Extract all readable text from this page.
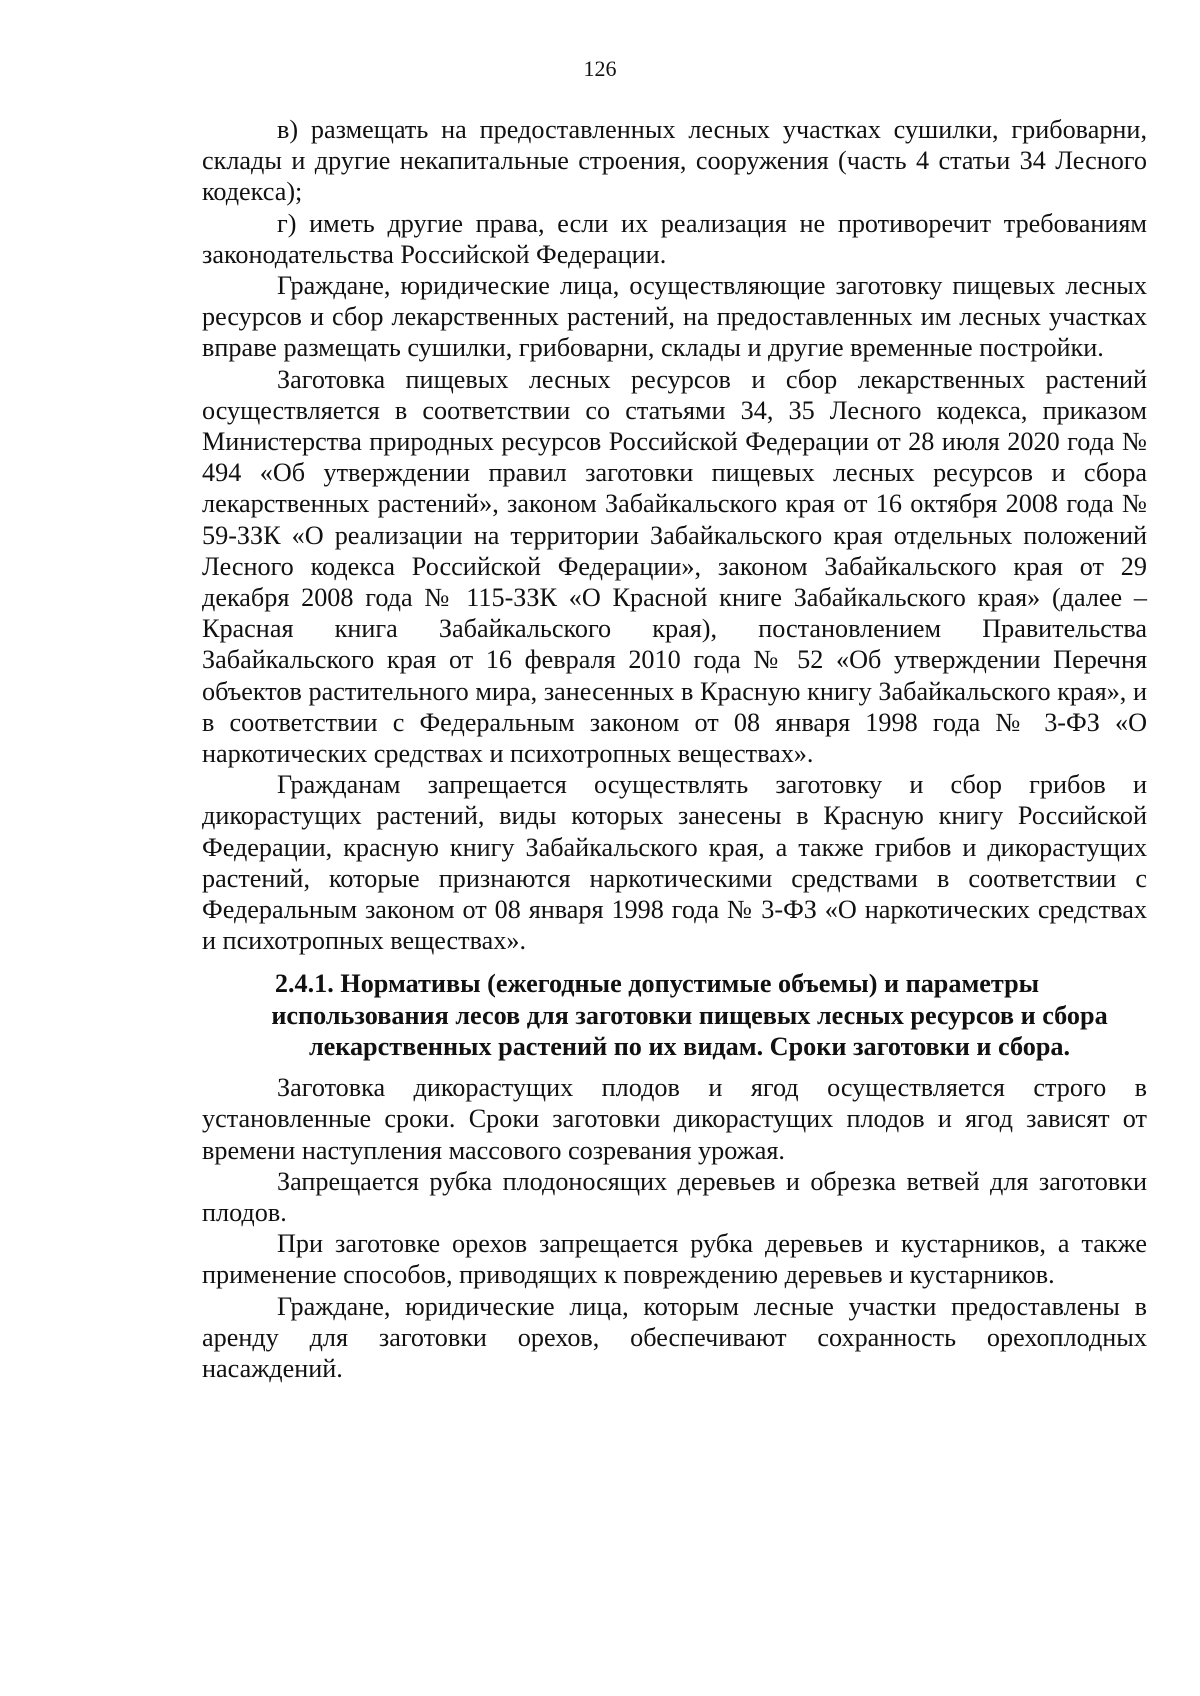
126

в) размещать на предоставленных лесных участках сушилки, грибоварни, склады и другие некапитальные строения, сооружения (часть 4 статьи 34 Лесного кодекса);

г) иметь другие права, если их реализация не противоречит требованиям законодательства Российской Федерации.

Граждане, юридические лица, осуществляющие заготовку пищевых лесных ресурсов и сбор лекарственных растений, на предоставленных им лесных участках вправе размещать сушилки, грибоварни, склады и другие временные постройки.

Заготовка пищевых лесных ресурсов и сбор лекарственных растений осуществляется в соответствии со статьями 34, 35 Лесного кодекса, приказом Министерства природных ресурсов Российской Федерации от 28 июля 2020 года № 494 «Об утверждении правил заготовки пищевых лесных ресурсов и сбора лекарственных растений», законом Забайкальского края от 16 октября 2008 года № 59-ЗЗК «О реализации на территории Забайкальского края отдельных положений Лесного кодекса Российской Федерации», законом Забайкальского края от 29 декабря 2008 года № 115-ЗЗК «О Красной книге Забайкальского края» (далее – Красная книга Забайкальского края), постановлением Правительства Забайкальского края от 16 февраля 2010 года № 52 «Об утверждении Перечня объектов растительного мира, занесенных в Красную книгу Забайкальского края», и в соответствии с Федеральным законом от 08 января 1998 года № 3-ФЗ «О наркотических средствах и психотропных веществах».

Гражданам запрещается осуществлять заготовку и сбор грибов и дикорастущих растений, виды которых занесены в Красную книгу Российской Федерации, красную книгу Забайкальского края, а также грибов и дикорастущих растений, которые признаются наркотическими средствами в соответствии с Федеральным законом от 08 января 1998 года № 3-ФЗ «О наркотических средствах и психотропных веществах».

2.4.1. Нормативы (ежегодные допустимые объемы) и параметры
использования лесов для заготовки пищевых лесных ресурсов и сбора
лекарственных растений по их видам. Сроки заготовки и сбора.

Заготовка дикорастущих плодов и ягод осуществляется строго в установленные сроки. Сроки заготовки дикорастущих плодов и ягод зависят от времени наступления массового созревания урожая.

Запрещается рубка плодоносящих деревьев и обрезка ветвей для заготовки плодов.

При заготовке орехов запрещается рубка деревьев и кустарников, а также применение способов, приводящих к повреждению деревьев и кустарников.

Граждане, юридические лица, которым лесные участки предоставлены в аренду для заготовки орехов, обеспечивают сохранность орехоплодных насаждений.
